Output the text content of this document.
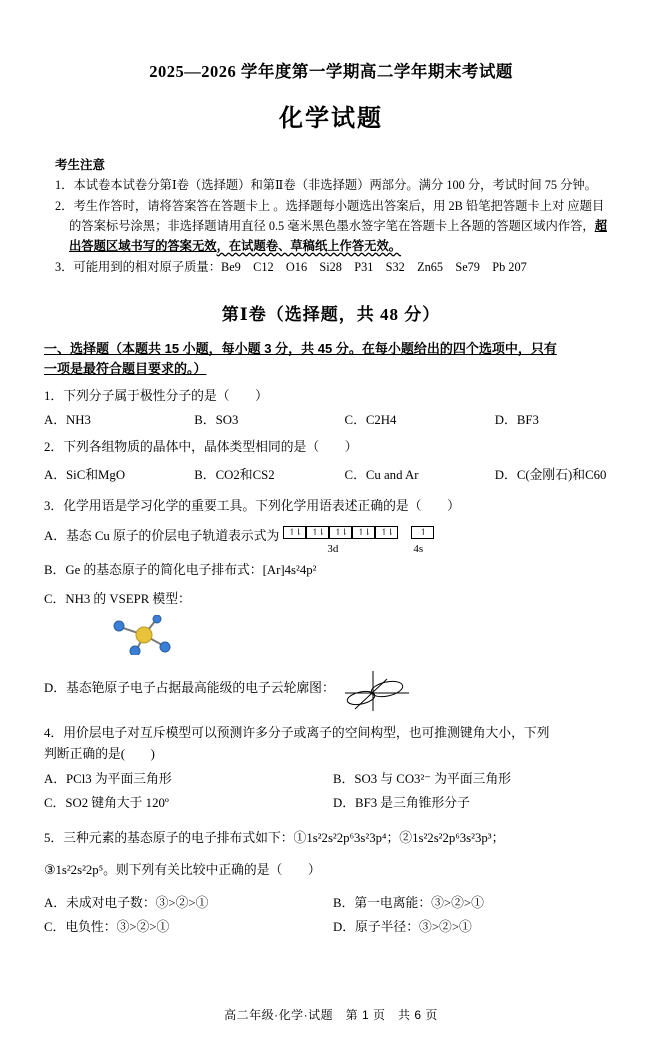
2025—2026 学年度第一学期高二学年期末考试题
化学试题
考生注意
1．本试卷本试卷分第Ⅰ卷（选择题）和第Ⅱ卷（非选择题）两部分。满分 100 分，考试时间 75 分钟。
2．考生作答时，请将答案答在答题卡上 。选择题每小题选出答案后，用 2B 铅笔把答题卡上对 应题目的答案标号涂黑；非选择题请用直径 0.5 毫米黑色墨水签字笔在答题卡上各题的答题区域内作答，超出答题区域书写的答案无效，在试题卷、草稿纸上作答无效。
3．可能用到的相对原子质量：Be9　C12　O16　Si28　P31　S32　Zn65　Se79　Pb 207
第Ⅰ卷（选择题，共 48 分）
一、选择题（本题共 15 小题，每小题 3 分，共 45 分。在每小题给出的四个选项中，只有
一项是最符合题目要求的。）
1．下列分子属于极性分子的是（　　）
A．NH3	B．SO3	C．C2H4	D．BF3
2．下列各组物质的晶体中，晶体类型相同的是（　　）
A．SiC和MgO	B．CO2和CS2	C．Cu and Ar	D．C(金刚石)和C60
3．化学用语是学习化学的重要工具。下列化学用语表述正确的是（　　）
A．基态 Cu 原子的价层电子轨道表示式为 ↿⇂	↿⇂	↿⇂	↿⇂	↿⇂	↿
3d	4s
B．Ge 的基态原子的简化电子排布式：[Ar]4s²4p²
C．NH3 的 VSEPR 模型：
D．基态铯原子电子占据最高能级的电子云轮廓图：
4．用价层电子对互斥模型可以预测许多分子或离子的空间构型，也可推测键角大小，下列
判断正确的是(　　)
A．PCl3 为平面三角形	B．SO3 与 CO3²⁻ 为平面三角形
C．SO2 键角大于 120º	D．BF3 是三角锥形分子
5．三种元素的基态原子的电子排布式如下：①1s²2s²2p⁶3s²3p⁴；②1s²2s²2p⁶3s²3p³；
③1s²2s²2p⁵。则下列有关比较中正确的是（　　）
A．未成对电子数：③>②>①	B．第一电离能：③>②>①
C．电负性：③>②>①	D．原子半径：③>②>①
高二年级·化学·试题　第 1 页　共 6 页
